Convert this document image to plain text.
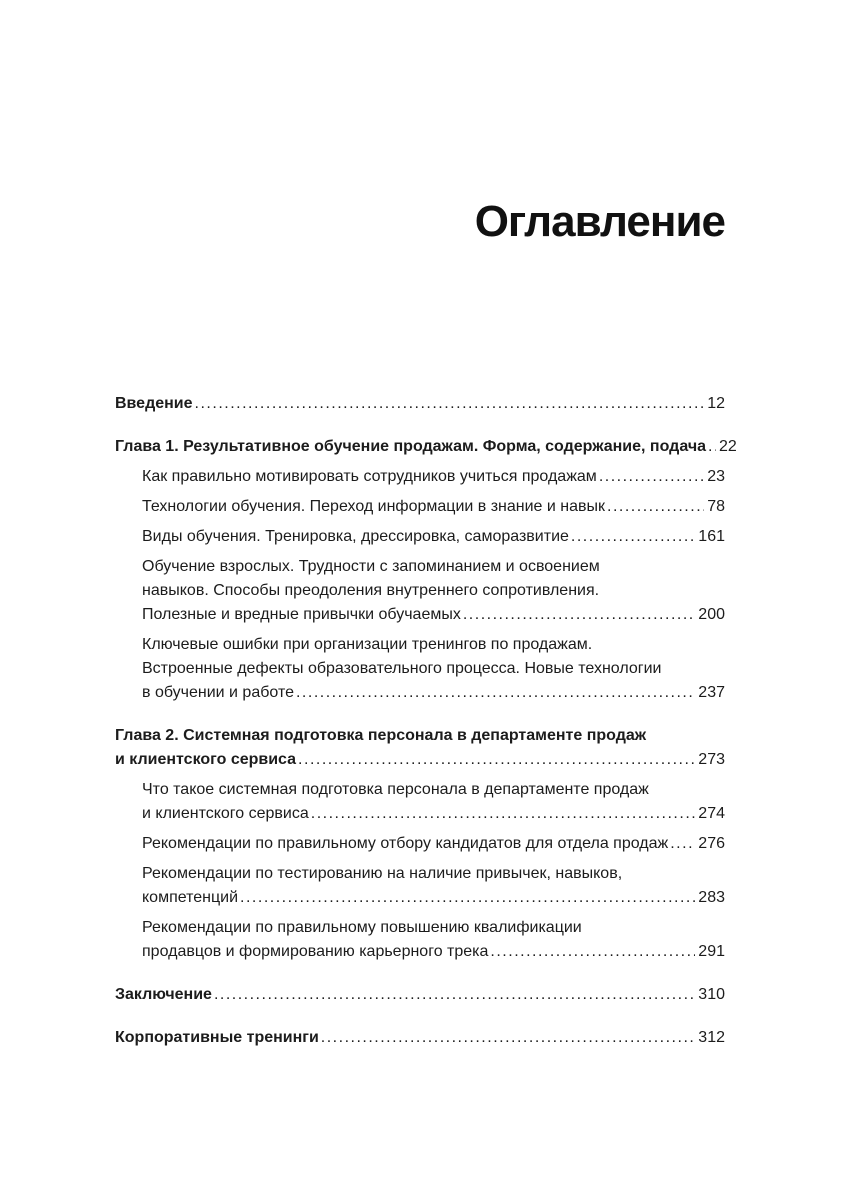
Оглавление
Введение .....	12
Глава 1. Результативное обучение продажам. Форма, содержание, подача ..... 22
Как правильно мотивировать сотрудников учиться продажам .....	23
Технологии обучения. Переход информации в знание и навык .....	78
Виды обучения. Тренировка, дрессировка, саморазвитие .....	161
Обучение взрослых. Трудности с запоминанием и освоением
навыков. Способы преодоления внутреннего сопротивления.
Полезные и вредные привычки обучаемых .....	200
Ключевые ошибки при организации тренингов по продажам.
Встроенные дефекты образовательного процесса. Новые технологии
в обучении и работе .....	237
Глава 2. Системная подготовка персонала в департаменте продаж
и клиентского сервиса .....	273
Что такое системная подготовка персонала в департаменте продаж
и клиентского сервиса .....	274
Рекомендации по правильному отбору кандидатов для отдела продаж ..... 276
Рекомендации по тестированию на наличие привычек, навыков,
компетенций .....	283
Рекомендации по правильному повышению квалификации
продавцов и формированию карьерного трека .....	291
Заключение .....	310
Корпоративные тренинги .....	312
